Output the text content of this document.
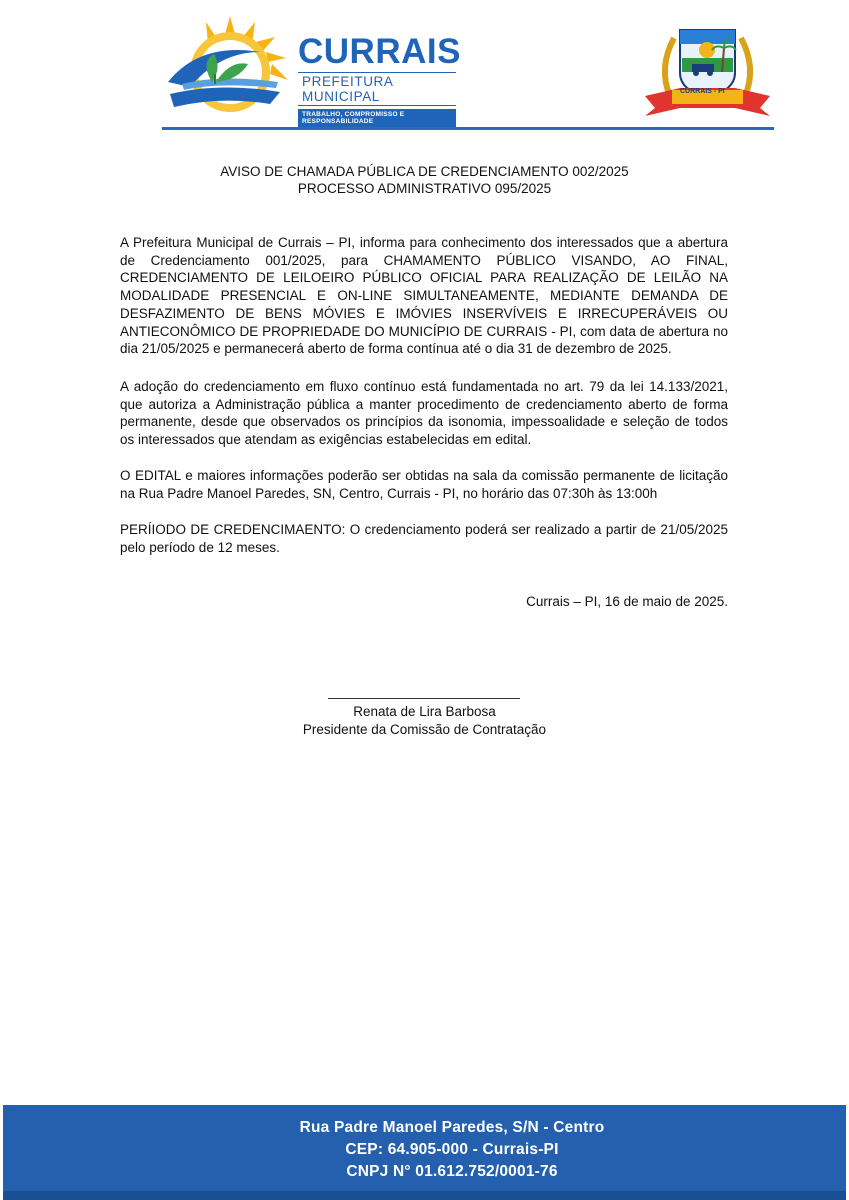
CURRAIS
PREFEITURA MUNICIPAL
TRABALHO, COMPROMISSO E RESPONSABILIDADE
CURRAIS - PI
AVISO DE CHAMADA PÚBLICA DE CREDENCIAMENTO 002/2025
PROCESSO ADMINISTRATIVO 095/2025
A Prefeitura Municipal de Currais – PI, informa para conhecimento dos interessados que a abertura de Credenciamento 001/2025, para CHAMAMENTO PÚBLICO VISANDO, AO FINAL, CREDENCIAMENTO DE LEILOEIRO PÚBLICO OFICIAL PARA REALIZAÇÃO DE LEILÃO NA MODALIDADE PRESENCIAL E ON-LINE SIMULTANEAMENTE, MEDIANTE DEMANDA DE DESFAZIMENTO DE BENS MÓVIES E IMÓVIES INSERVÍVEIS E IRRECUPERÁVEIS OU ANTIECONÔMICO DE PROPRIEDADE DO MUNICÍPIO DE CURRAIS - PI, com data de abertura no dia 21/05/2025 e permanecerá aberto de forma contínua até o dia 31 de dezembro de 2025.
A adoção do credenciamento em fluxo contínuo está fundamentada no art. 79 da lei 14.133/2021, que autoriza a Administração pública a manter procedimento de credenciamento aberto de forma permanente, desde que observados os princípios da isonomia, impessoalidade e seleção de todos os interessados que atendam as exigências estabelecidas em edital.
O EDITAL e maiores informações poderão ser obtidas na sala da comissão permanente de licitação na Rua Padre Manoel Paredes, SN, Centro, Currais - PI, no horário das 07:30h às 13:00h
PERÍIODO DE CREDENCIMAENTO: O credenciamento poderá ser realizado a partir de 21/05/2025 pelo período de 12 meses.
Currais – PI, 16 de maio de 2025.
Renata de Lira Barbosa
Presidente da Comissão de Contratação
Rua Padre Manoel Paredes, S/N - Centro
CEP: 64.905-000 - Currais-PI
CNPJ N° 01.612.752/0001-76
